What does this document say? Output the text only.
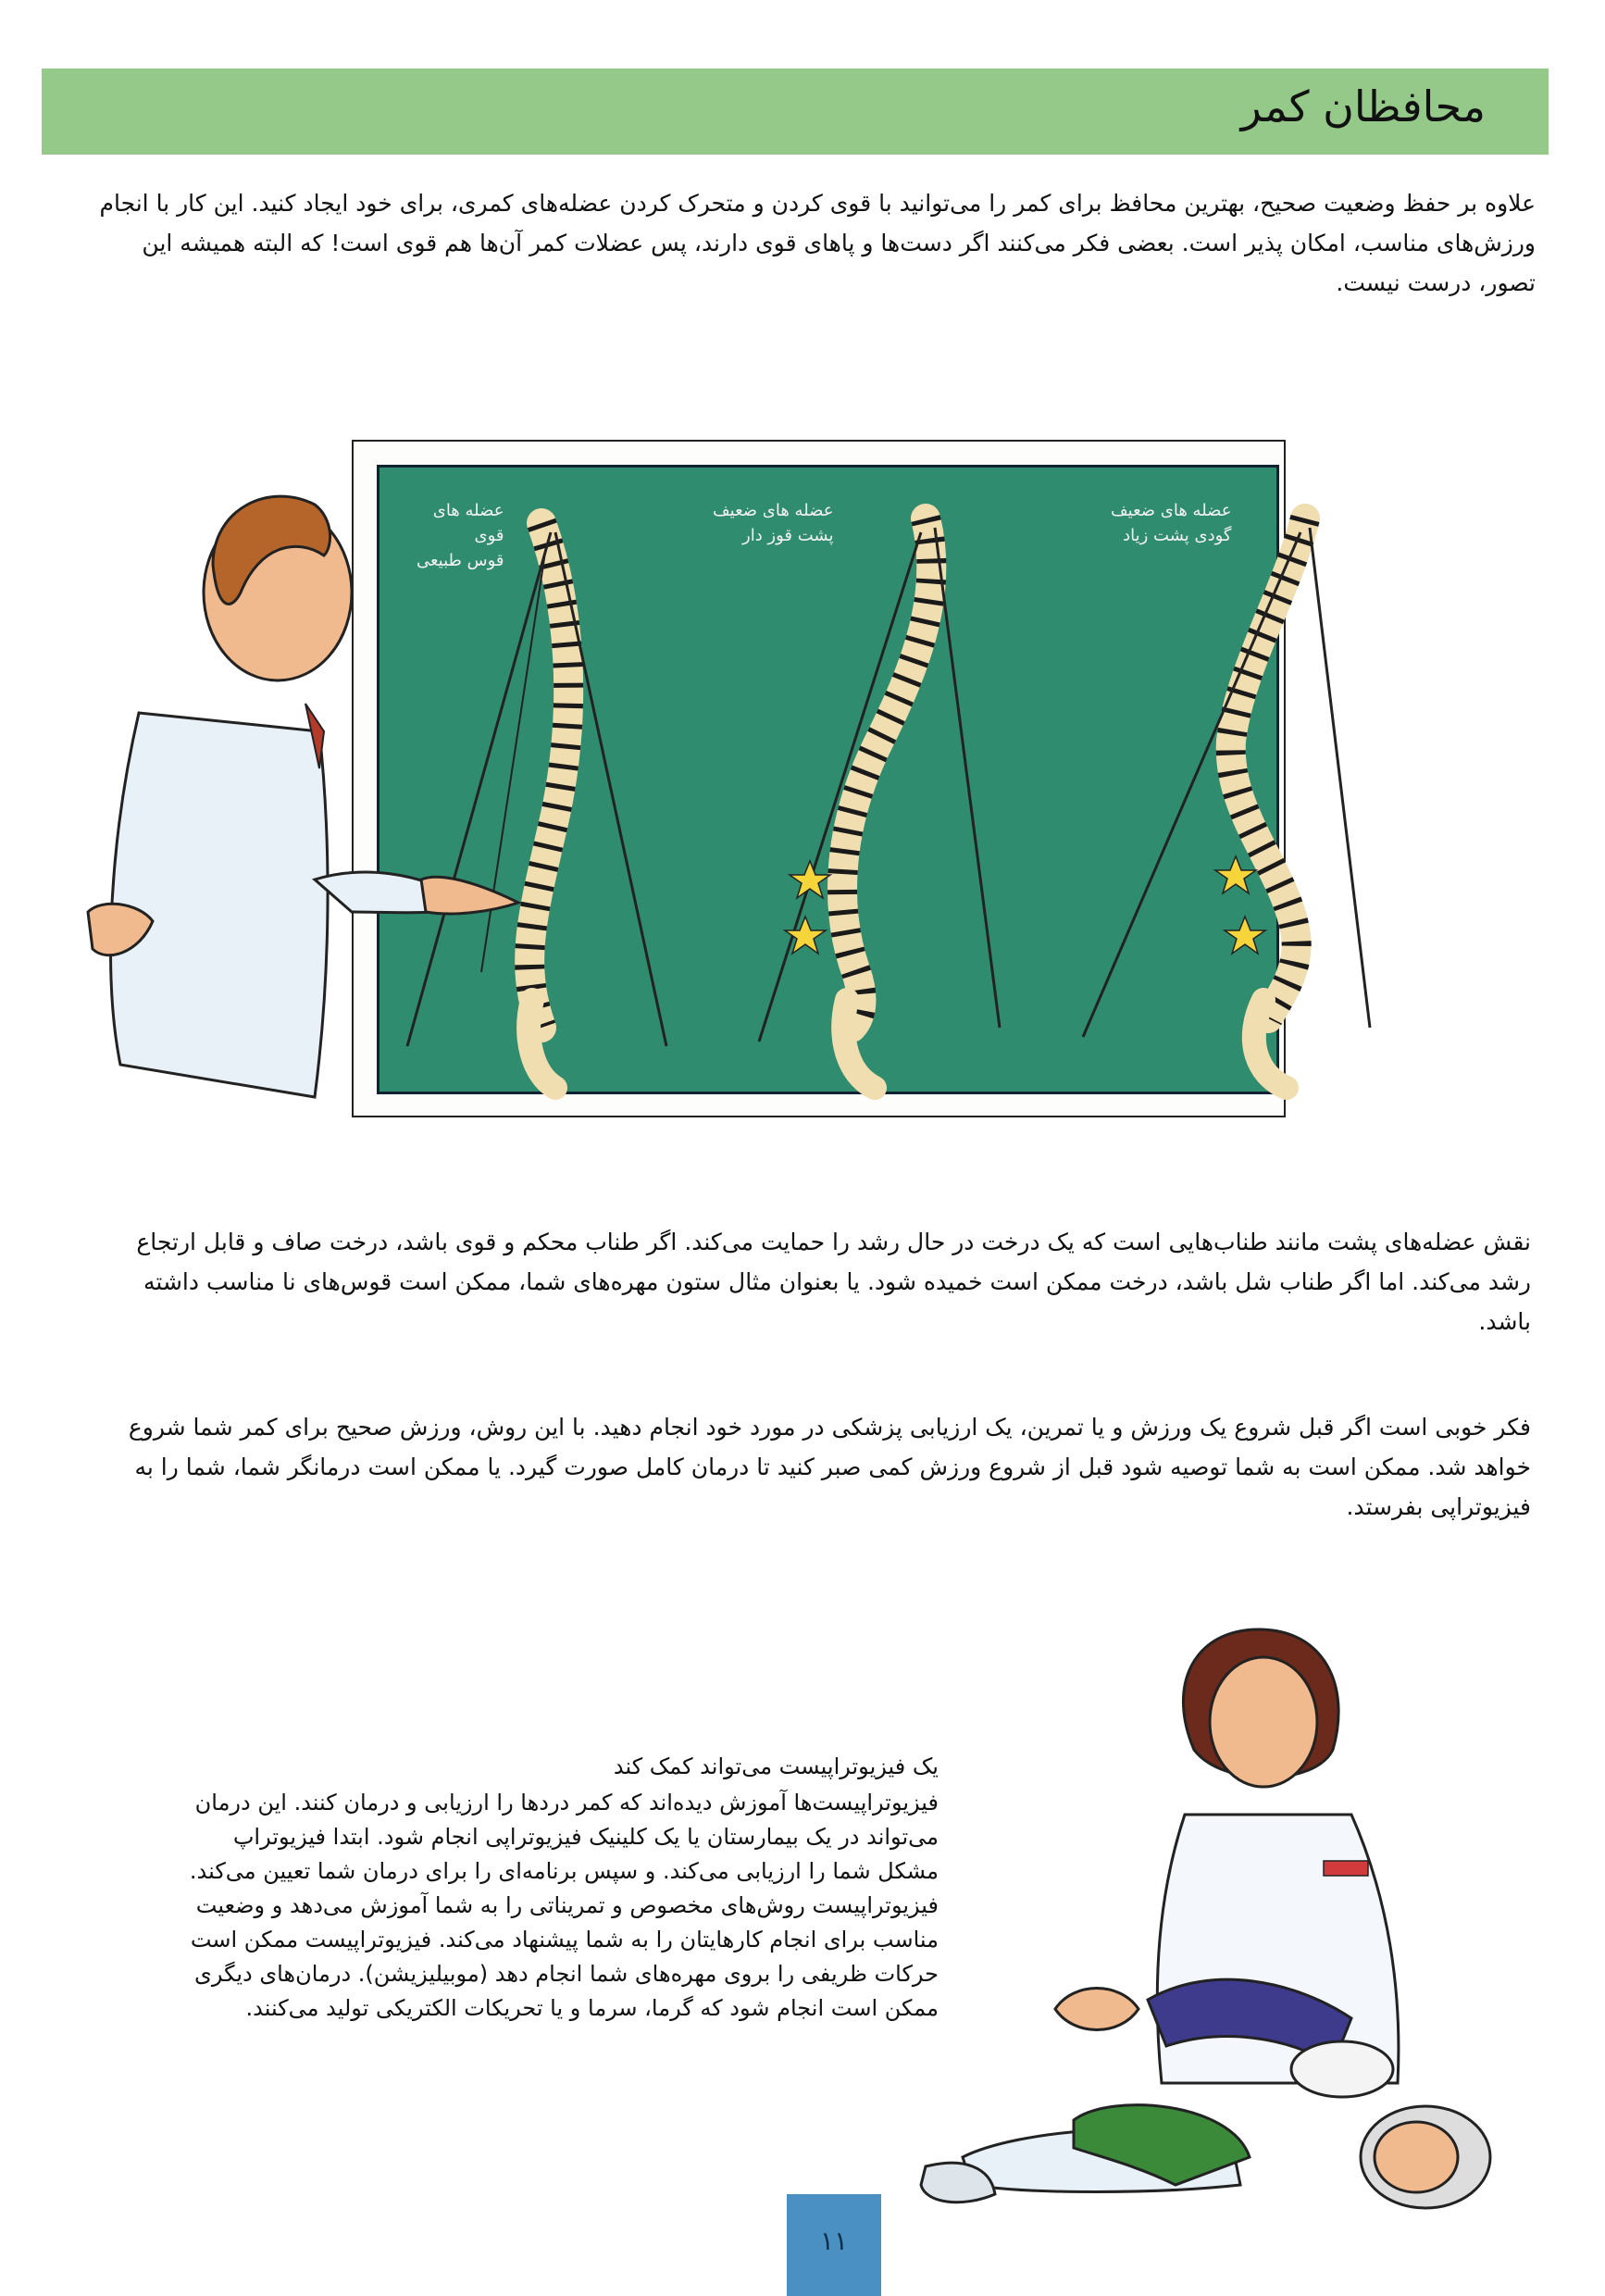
محافظان کمر

علاوه بر حفظ وضعیت صحیح، بهترین محافظ برای کمر را می‌توانید با قوی کردن و متحرک کردن عضله‌های کمری، برای خود ایجاد کنید. این کار با انجام ورزش‌های مناسب، امکان پذیر است. بعضی فکر می‌کنند اگر دست‌ها و پاهای قوی دارند، پس عضلات کمر آن‌ها هم قوی است! که البته همیشه این تصور، درست نیست.

عضله های
قوی
قوس طبیعی
عضله های ضعیف
پشت قوز دار
عضله های ضعیف
گودی پشت زیاد

نقش عضله‌های پشت مانند طناب‌هایی است که یک درخت در حال رشد را حمایت می‌کند. اگر طناب محکم و قوی باشد، درخت صاف و قابل ارتجاع رشد می‌کند. اما اگر طناب شل باشد، درخت ممکن است خمیده شود. یا بعنوان مثال ستون مهره‌های شما، ممکن است قوس‌های نا مناسب داشته باشد.

فکر خوبی است اگر قبل شروع یک ورزش و یا تمرین، یک ارزیابی پزشکی در مورد خود انجام دهید. با این روش، ورزش صحیح برای کمر شما شروع خواهد شد. ممکن است به شما توصیه شود قبل از شروع ورزش کمی صبر کنید تا درمان کامل صورت گیرد. یا ممکن است درمانگر شما، شما را به فیزیوتراپی بفرستد.

یک فیزیوتراپیست می‌تواند کمک کند

فیزیوتراپیست‌ها آموزش دیده‌اند که کمر دردها را ارزیابی و درمان کنند. این درمان می‌تواند در یک بیمارستان یا یک کلینیک فیزیوتراپی انجام شود. ابتدا فیزیوتراپ مشکل شما را ارزیابی می‌کند. و سپس برنامه‌ای را برای درمان شما تعیین می‌کند. فیزیوتراپیست روش‌های مخصوص و تمریناتی را به شما آموزش می‌دهد و وضعیت مناسب برای انجام کارهایتان را به شما پیشنهاد می‌کند. فیزیوتراپیست ممکن است حرکات ظریفی را بروی مهره‌های شما انجام دهد (موبیلیزیشن). درمان‌های دیگری ممکن است انجام شود که گرما، سرما و یا تحریکات الکتریکی تولید می‌کنند.

۱۱
